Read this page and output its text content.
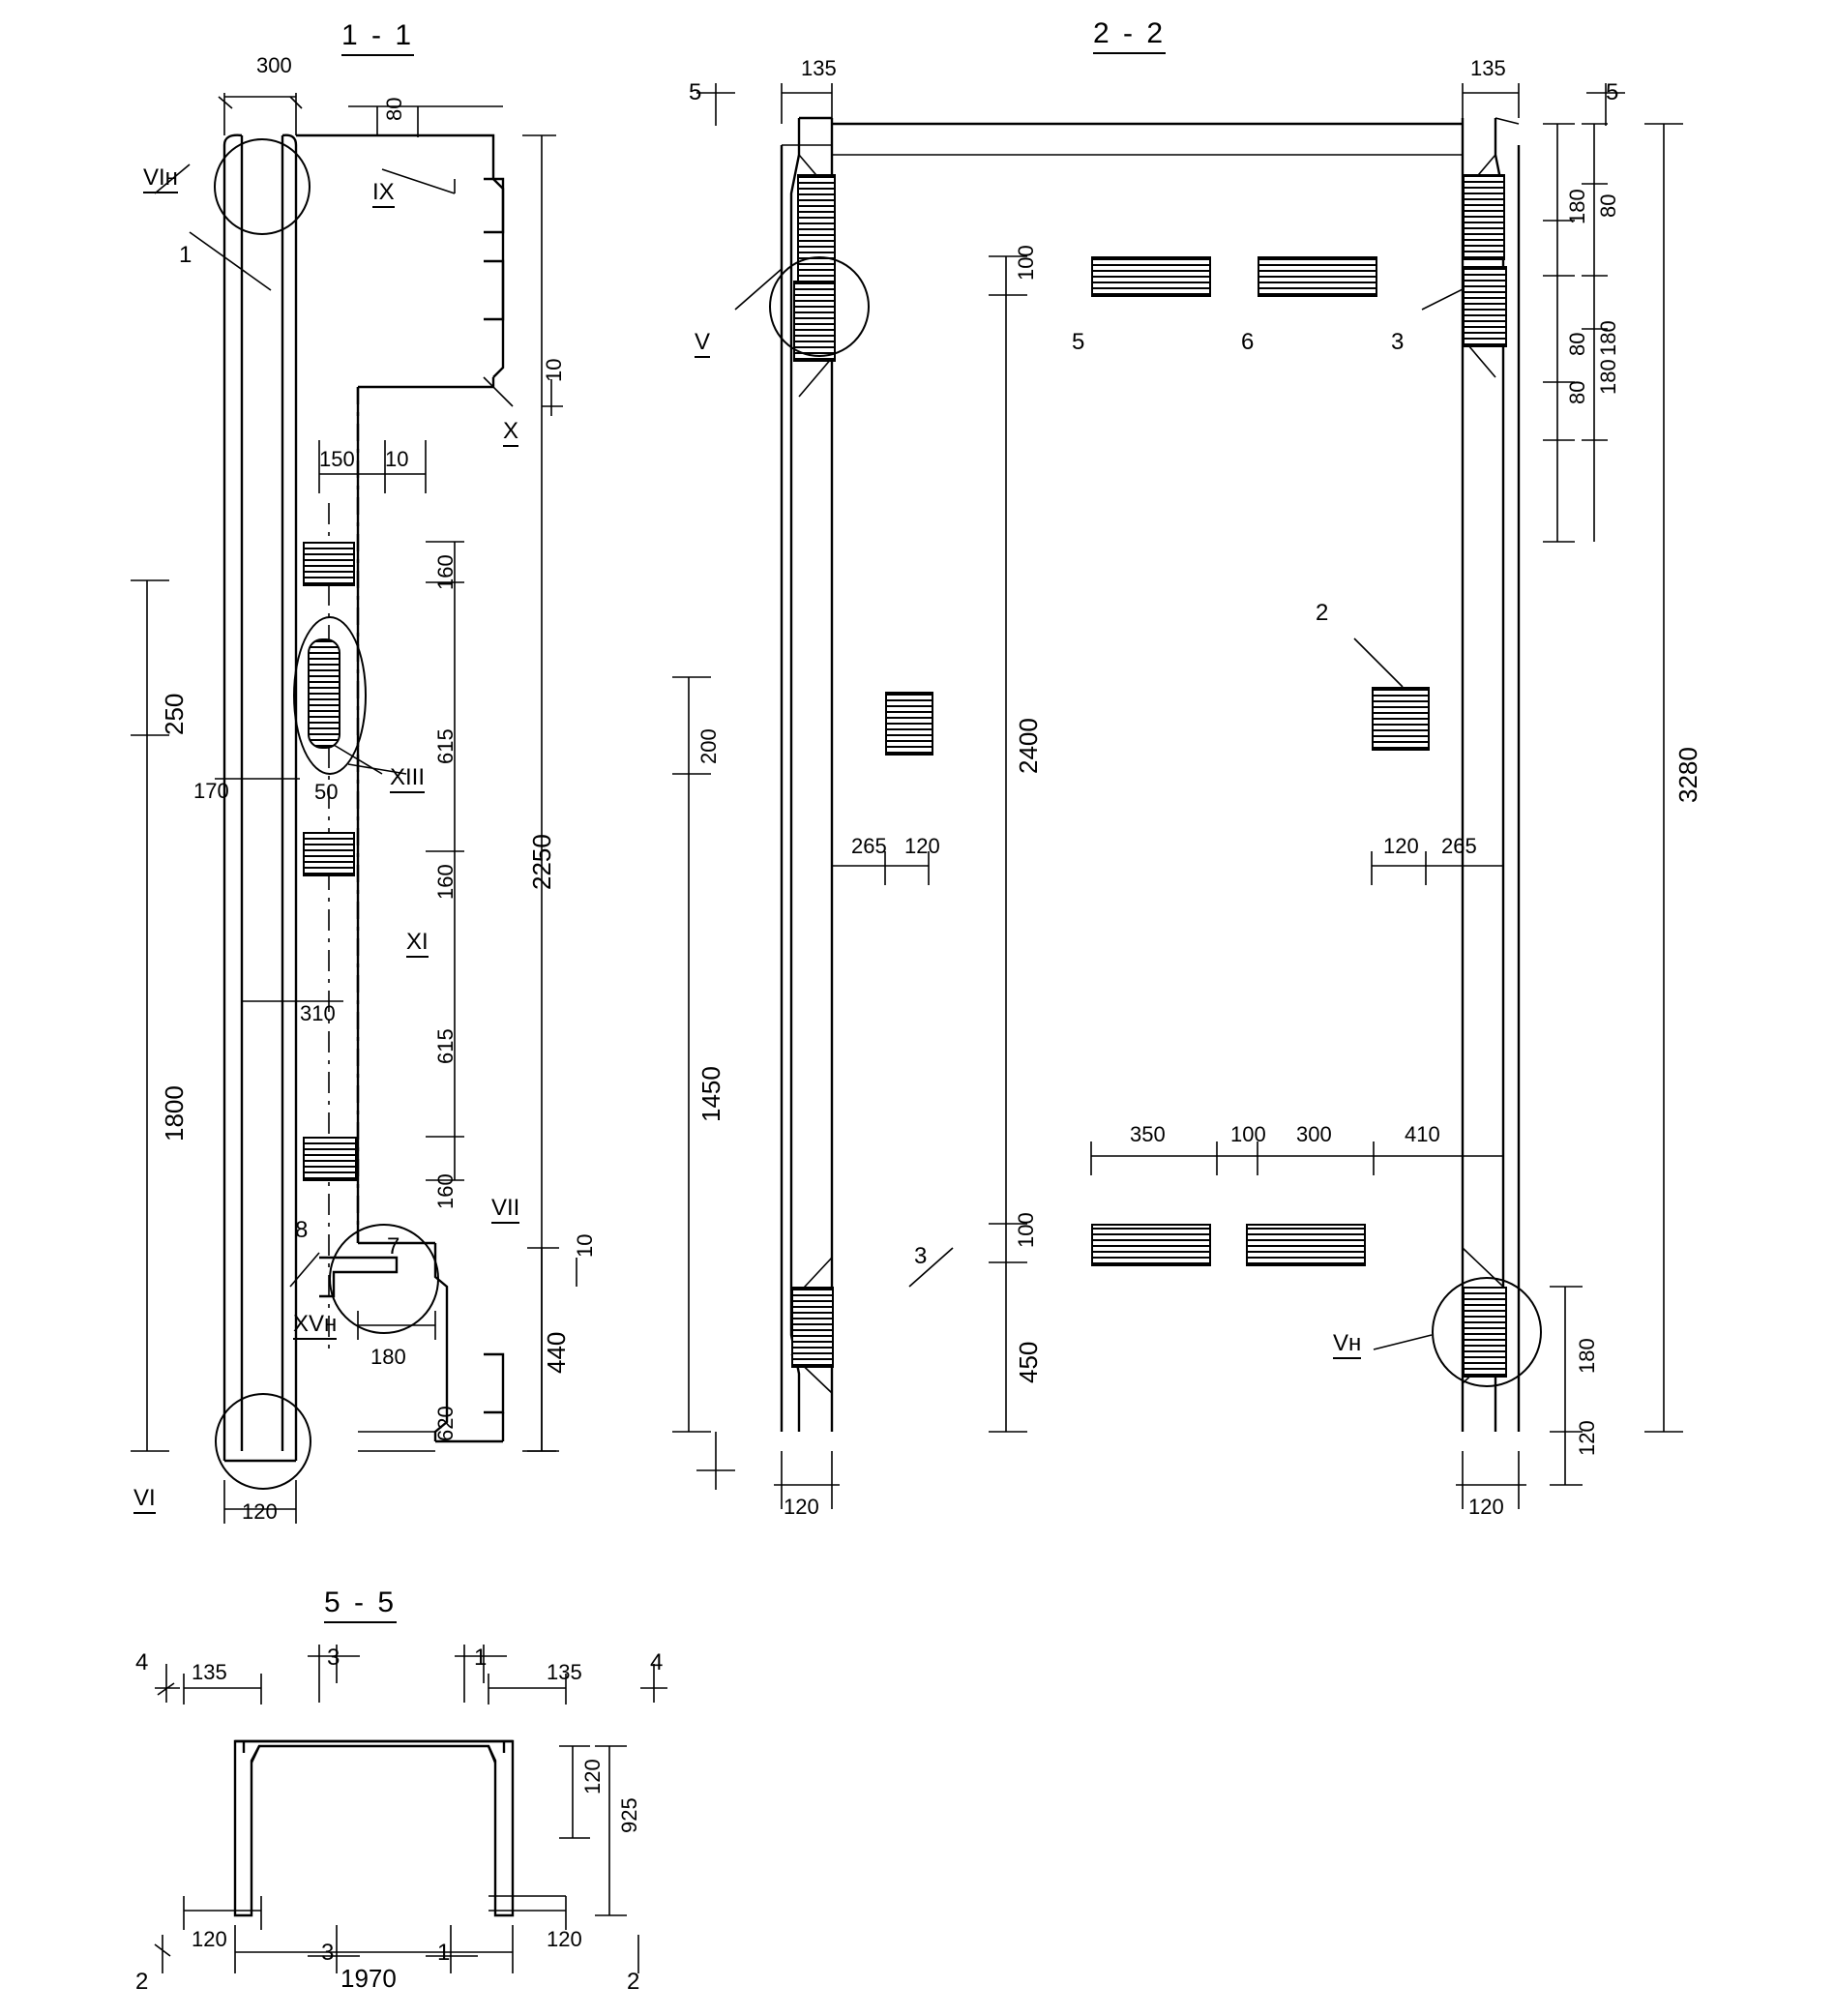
1 - 1
300
80
10
150 10
160
615
50
160
615
160
2250
250
170
310
1800
180
620
440
10
120
VIн
IX
X
XIII
XI
VII
XVн
VI
1
7
8
2 - 2
V
Vн
5	6	3
2
3
5	5
135	135
180 80
80 180
80 180
3280
100
200	2400
265 120	120 265
1450
350	100 300	410
100
450	180
120
120	120
5 - 5
135	135
120
925
120	120
1970
4	4
3	1
3	1
2	2
